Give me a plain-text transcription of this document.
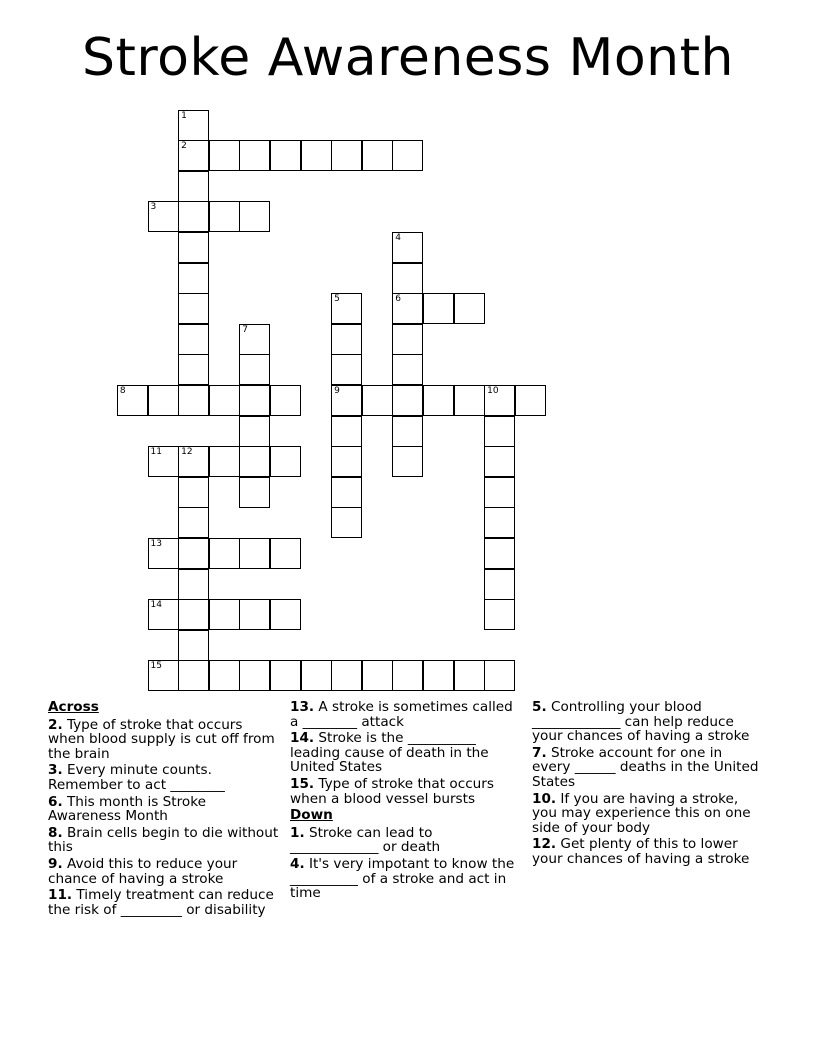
Stroke Awareness Month
1
2
3
4
5	6
7
8	9	10
11 12
13
14
15
Across
2. Type of stroke that occurs when blood supply is cut off from the brain
3. Every minute counts. Remember to act ________
6. This month is Stroke Awareness Month
8. Brain cells begin to die without this
9. Avoid this to reduce your chance of having a stroke
11. Timely treatment can reduce the risk of _________ or disability
13. A stroke is sometimes called a ________ attack
14. Stroke is the __________ leading cause of death in the United States
15. Type of stroke that occurs when a blood vessel bursts
Down
1. Stroke can lead to _____________ or death
4. It's very impotant to know the __________ of a stroke and act in time
5. Controlling your blood _____________ can help reduce your chances of having a stroke
7. Stroke account for one in every ______ deaths in the United States
10. If you are having a stroke, you may experience this on one side of your body
12. Get plenty of this to lower your chances of having a stroke
